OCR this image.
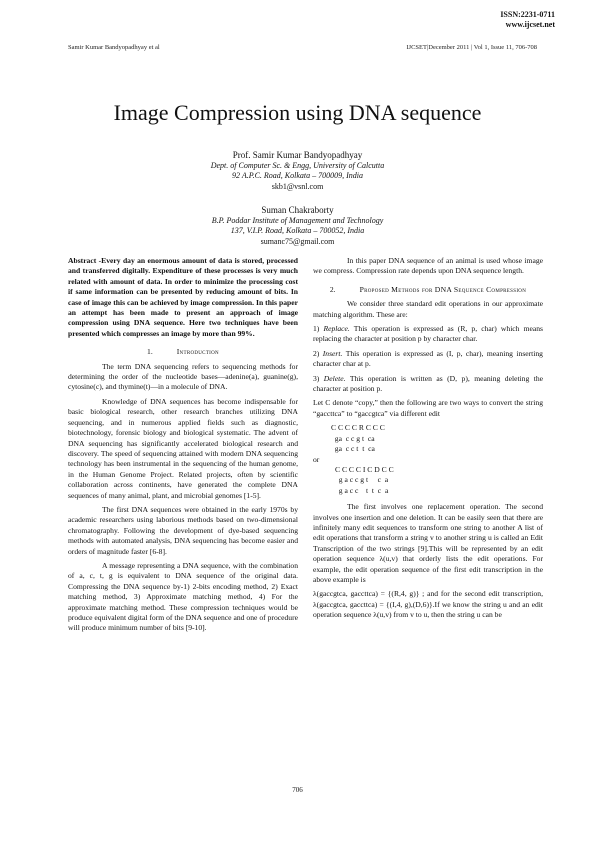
ISSN:2231-0711
www.ijcset.net
Samir Kumar Bandyopadhyay et al	IJCSET|December 2011 | Vol 1, Issue 11, 706-708
Image Compression using DNA sequence
Prof. Samir Kumar Bandyopadhyay
Dept. of Computer Sc. & Engg, University of Calcutta
92 A.P.C. Road, Kolkata – 700009, India
skb1@vsnl.com
Suman Chakraborty
B.P. Poddar Institute of Management and Technology
137, V.I.P. Road, Kolkata – 700052, India
sumanc75@gmail.com

Abstract -Every day an enormous amount of data is stored, processed and transferred digitally. Expenditure of these processes is very much related with amount of data. In order to minimize the processing cost if same information can be presented by reducing amount of bits. In case of image this can be achieved by image compression. In this paper an attempt has been made to present an approach of image compression using DNA sequence. Here two techniques have been presented which compresses an image by more than 99%.

1.	Introduction

The term DNA sequencing refers to sequencing methods for determining the order of the nucleotide bases—adenine(a), guanine(g), cytosine(c), and thymine(t)—in a molecule of DNA.

Knowledge of DNA sequences has become indispensable for basic biological research, other research branches utilizing DNA sequencing, and in numerous applied fields such as diagnostic, biotechnology, forensic biology and biological systematic. The advent of DNA sequencing has significantly accelerated biological research and discovery. The speed of sequencing attained with modern DNA sequencing technology has been instrumental in the sequencing of the human genome, in the Human Genome Project. Related projects, often by scientific collaboration across continents, have generated the complete DNA sequences of many animal, plant, and microbial genomes [1-5].

The first DNA sequences were obtained in the early 1970s by academic researchers using laborious methods based on two-dimensional chromatography. Following the development of dye-based sequencing methods with automated analysis, DNA sequencing has become easier and orders of magnitude faster [6-8].

A message representing a DNA sequence, with the combination of a, c, t, g is equivalent to DNA sequence of the original data. Compressing the DNA sequence by-1) 2-bits encoding method, 2) Exact matching method, 3) Approximate matching method, 4) For the approximate matching method. These compression techniques would be produce equivalent digital form of the DNA sequence and one of procedure will produce minimum number of bits [9-10].

In this paper DNA sequence of an animal is used whose image we compress. Compression rate depends upon DNA sequence length.

2.	Proposed Methods for DNA Sequence Compression

We consider three standard edit operations in our approximate matching algorithm. These are:

1) Replace. This operation is expressed as (R, p, char) which means replacing the character at position p by character char.

2) Insert. This operation is expressed as (I, p, char), meaning inserting character char at p.

3) Delete. This operation is written as (D, p), meaning deleting the character at position p.

Let C denote “copy,” then the following are two ways to convert the string “gaccttca” to “gaccgtca” via different edit

C C C C R C C C
ga  c c g t  ca
ga  c c t  t  ca
or
C C C C I C D C C
g a c c g t     c  a
g a c c    t  t  c  a

The first involves one replacement operation. The second involves one insertion and one deletion. It can be easily seen that there are infinitely many edit sequences to transform one string to another A list of edit operations that transform a string v to another string u is called an Edit Transcription of the two strings [9].This will be represented by an edit operation sequence λ(u,v) that orderly lists the edit operations. For example, the edit operation sequence of the first edit transcription in the above example is

λ(gaccgtca, gaccttca) = {(R,4, g)} ; and for the second edit transcription, λ(gaccgtca, gaccttca) = {(I,4, g),(D,6)}.If we know the string u and an edit operation sequence λ(u,v) from v to u, then the string u can be

706
